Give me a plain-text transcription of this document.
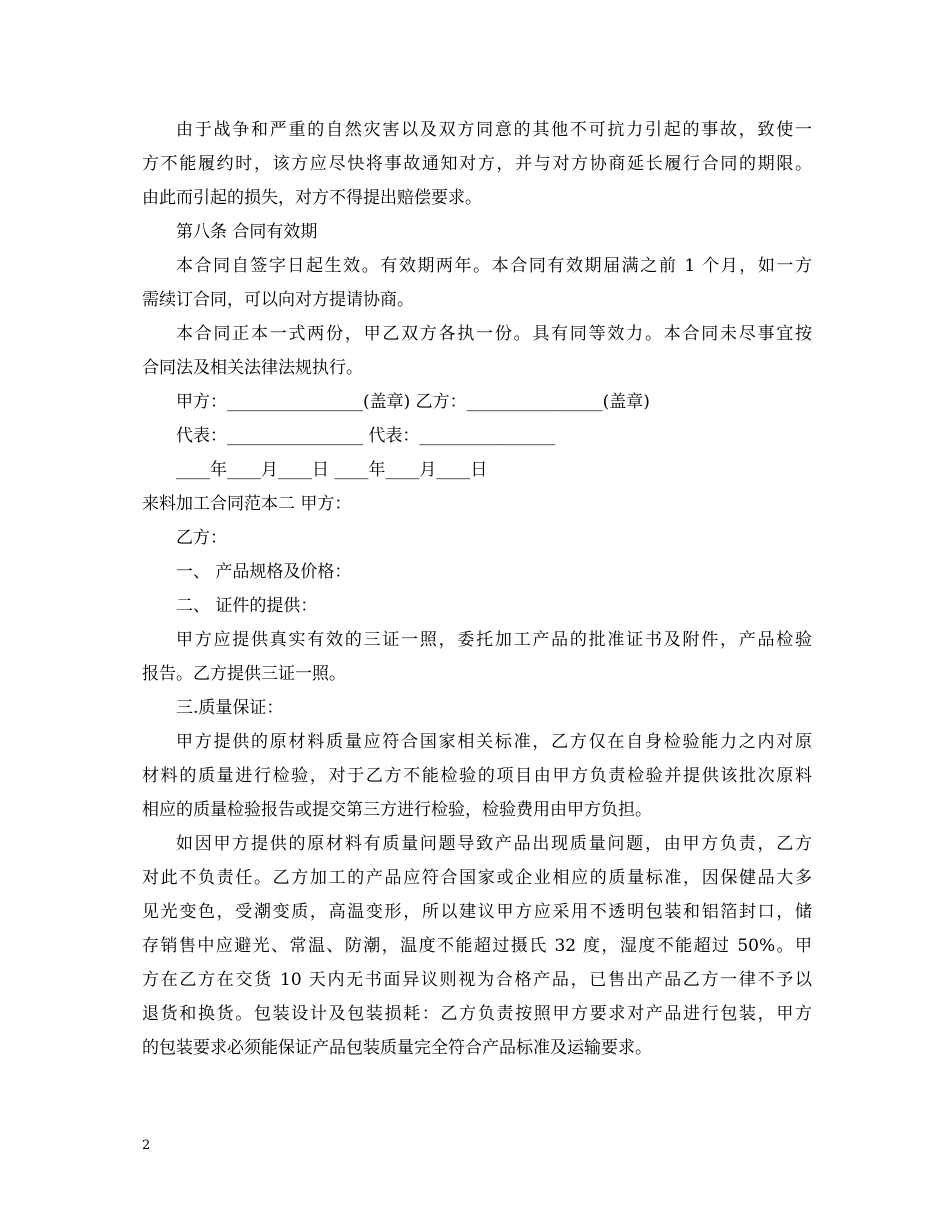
由于战争和严重的自然灾害以及双方同意的其他不可抗力引起的事故，致使一
方不能履约时，该方应尽快将事故通知对方，并与对方协商延长履行合同的期限。
由此而引起的损失，对方不得提出赔偿要求。
第八条 合同有效期
本合同自签字日起生效。有效期两年。本合同有效期届满之前 1 个月，如一方
需续订合同，可以向对方提请协商。
本合同正本一式两份，甲乙双方各执一份。具有同等效力。本合同未尽事宜按
合同法及相关法律法规执行。
甲方：________________(盖章) 乙方：________________(盖章)
代表：________________ 代表：________________
____年____月____日 ____年____月____日
来料加工合同范本二 甲方：
乙方：
一、 产品规格及价格：
二、 证件的提供：
甲方应提供真实有效的三证一照，委托加工产品的批准证书及附件，产品检验
报告。乙方提供三证一照。
三.质量保证：
甲方提供的原材料质量应符合国家相关标准，乙方仅在自身检验能力之内对原
材料的质量进行检验，对于乙方不能检验的项目由甲方负责检验并提供该批次原料
相应的质量检验报告或提交第三方进行检验，检验费用由甲方负担。
如因甲方提供的原材料有质量问题导致产品出现质量问题，由甲方负责，乙方
对此不负责任。乙方加工的产品应符合国家或企业相应的质量标准，因保健品大多
见光变色，受潮变质，高温变形，所以建议甲方应采用不透明包装和铝箔封口，储
存销售中应避光、常温、防潮，温度不能超过摄氏 32 度，湿度不能超过 50%。甲
方在乙方在交货 10 天内无书面异议则视为合格产品，已售出产品乙方一律不予以
退货和换货。包装设计及包装损耗：乙方负责按照甲方要求对产品进行包装，甲方
的包装要求必须能保证产品包装质量完全符合产品标准及运输要求。
2
